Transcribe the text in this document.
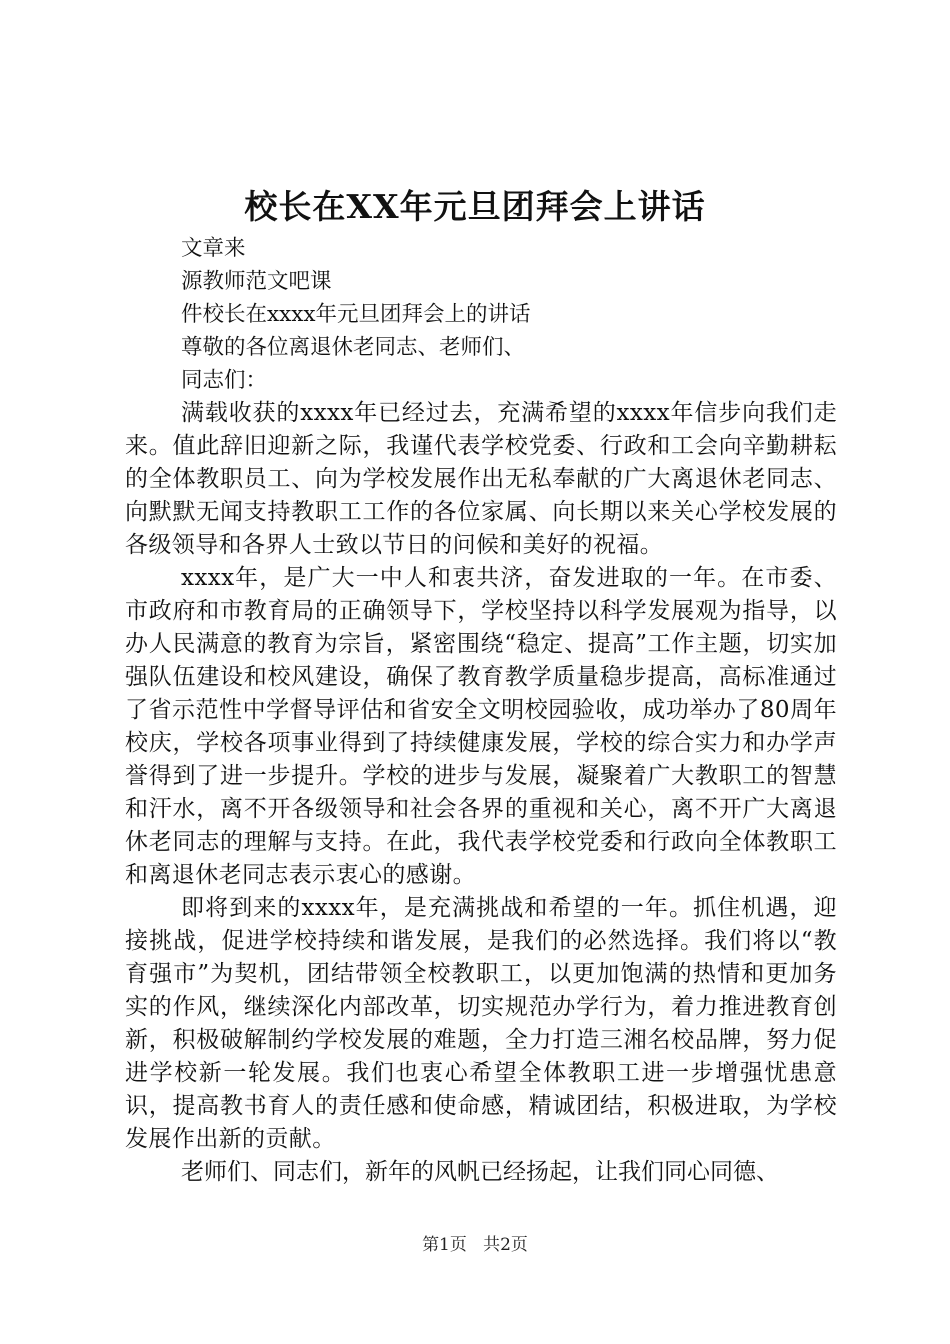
校长在XX年元旦团拜会上讲话

文章来

源教师范文吧课

件校长在xxxx年元旦团拜会上的讲话

尊敬的各位离退休老同志、老师们、

同志们：

满载收获的xxxx年已经过去，充满希望的xxxx年信步向我们走来。值此辞旧迎新之际，我谨代表学校党委、行政和工会向辛勤耕耘的全体教职员工、向为学校发展作出无私奉献的广大离退休老同志、向默默无闻支持教职工工作的各位家属、向长期以来关心学校发展的各级领导和各界人士致以节日的问候和美好的祝福。

xxxx年，是广大一中人和衷共济，奋发进取的一年。在市委、市政府和市教育局的正确领导下，学校坚持以科学发展观为指导，以办人民满意的教育为宗旨，紧密围绕“稳定、提高”工作主题，切实加强队伍建设和校风建设，确保了教育教学质量稳步提高，高标准通过了省示范性中学督导评估和省安全文明校园验收，成功举办了80周年校庆，学校各项事业得到了持续健康发展，学校的综合实力和办学声誉得到了进一步提升。学校的进步与发展，凝聚着广大教职工的智慧和汗水，离不开各级领导和社会各界的重视和关心，离不开广大离退休老同志的理解与支持。在此，我代表学校党委和行政向全体教职工和离退休老同志表示衷心的感谢。

即将到来的xxxx年，是充满挑战和希望的一年。抓住机遇，迎接挑战，促进学校持续和谐发展，是我们的必然选择。我们将以“教育强市”为契机，团结带领全校教职工，以更加饱满的热情和更加务实的作风，继续深化内部改革，切实规范办学行为，着力推进教育创新，积极破解制约学校发展的难题，全力打造三湘名校品牌，努力促进学校新一轮发展。我们也衷心希望全体教职工进一步增强忧患意识，提高教书育人的责任感和使命感，精诚团结，积极进取，为学校发展作出新的贡献。

老师们、同志们，新年的风帆已经扬起，让我们同心同德、

第1页 共2页
